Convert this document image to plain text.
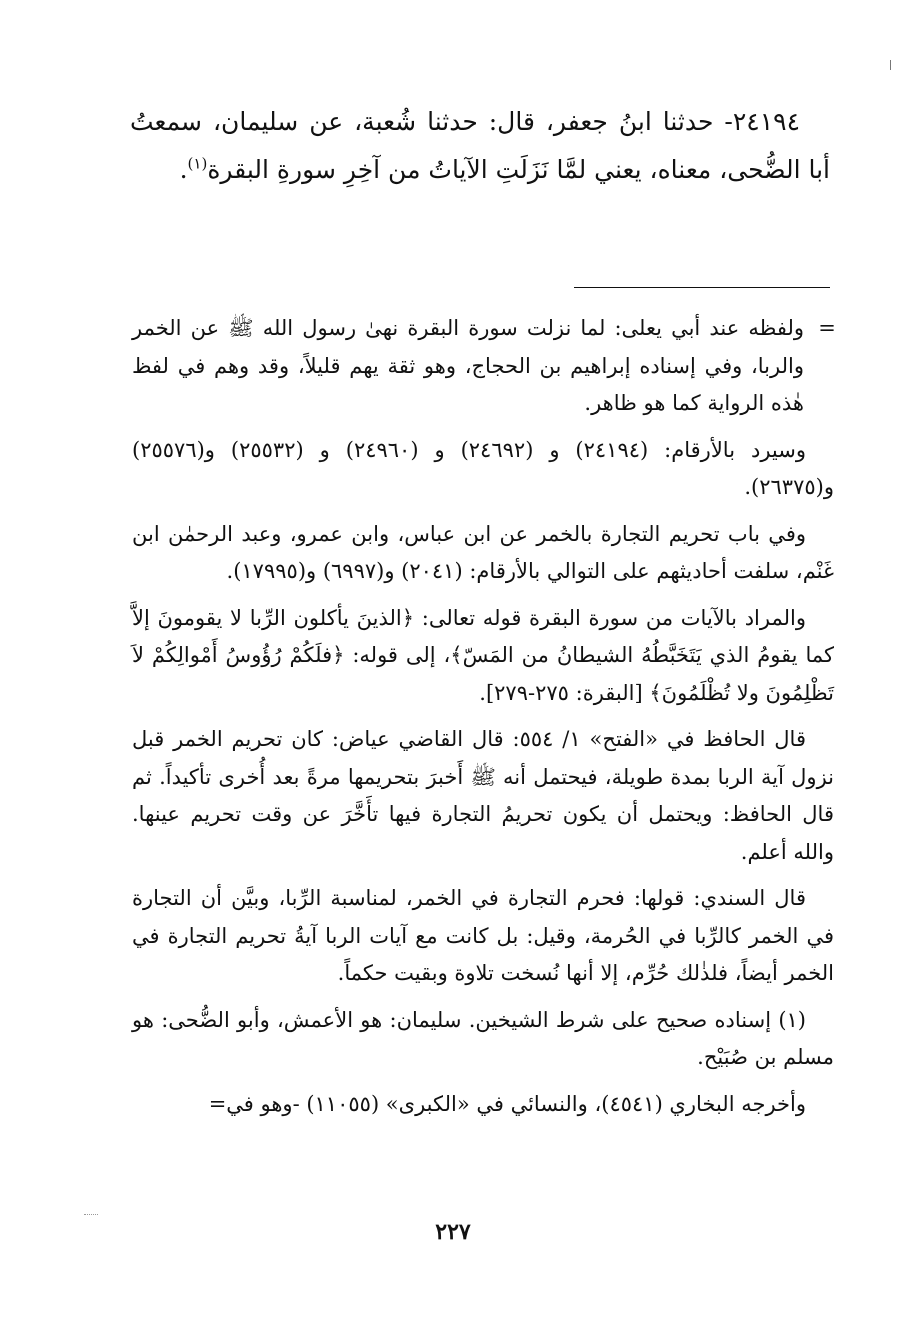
٢٤١٩٤- حدثنا ابنُ جعفر، قال: حدثنا شُعبة، عن سليمان، سمعتُ أبا الضُّحى، معناه، يعني لمَّا نَزَلَتِ الآياتُ من آخِرِ سورةِ البقرة$^{(١)}$.

=

ولفظه عند أبي يعلى: لما نزلت سورة البقرة نهىٰ رسول الله ﷺ عن الخمر والربا، وفي إسناده إبراهيم بن الحجاج، وهو ثقة يهم قليلاً، وقد وهم في لفظ هٰذه الرواية كما هو ظاهر.

وسيرد بالأرقام: (٢٤١٩٤) و (٢٤٦٩٢) و (٢٤٩٦٠) و (٢٥٥٣٢) و(٢٥٥٧٦) و(٢٦٣٧٥).

وفي باب تحريم التجارة بالخمر عن ابن عباس، وابن عمرو، وعبد الرحمٰن ابن غَنْم، سلفت أحاديثهم على التوالي بالأرقام: (٢٠٤١) و(٦٩٩٧) و(١٧٩٩٥).

والمراد بالآيات من سورة البقرة قوله تعالى: ﴿الذينَ يأكلون الرِّبا لا يقومونَ إلاَّ كما يقومُ الذي يَتَخَبَّطُهُ الشيطانُ من المَسّ﴾، إلى قوله: ﴿فلَكُمْ رُؤُوسُ أَمْوالِكُمْ لاَ تَظْلِمُونَ ولا تُظْلَمُونَ﴾ [البقرة: ٢٧٥-٢٧٩].

قال الحافظ في «الفتح» ١/ ٥٥٤: قال القاضي عياض: كان تحريم الخمر قبل نزول آية الربا بمدة طويلة، فيحتمل أنه ﷺ أَخبرَ بتحريمها مرةً بعد أُخرى تأكيداً. ثم قال الحافظ: ويحتمل أن يكون تحريمُ التجارة فيها تأَخَّرَ عن وقت تحريم عينها. والله أعلم.

قال السندي: قولها: فحرم التجارة في الخمر، لمناسبة الرِّبا، وبيَّن أن التجارة في الخمر كالرِّبا في الحُرمة، وقيل: بل كانت مع آيات الربا آيةُ تحريم التجارة في الخمر أيضاً، فلذٰلك حُرِّم، إلا أنها نُسخت تلاوة وبقيت حكماً.

(١) إسناده صحيح على شرط الشيخين. سليمان: هو الأعمش، وأبو الضُّحى: هو مسلم بن صُبَيْح.

وأخرجه البخاري (٤٥٤١)، والنسائي في «الكبرى» (١١٠٥٥) -وهو في=

٢٢٧
